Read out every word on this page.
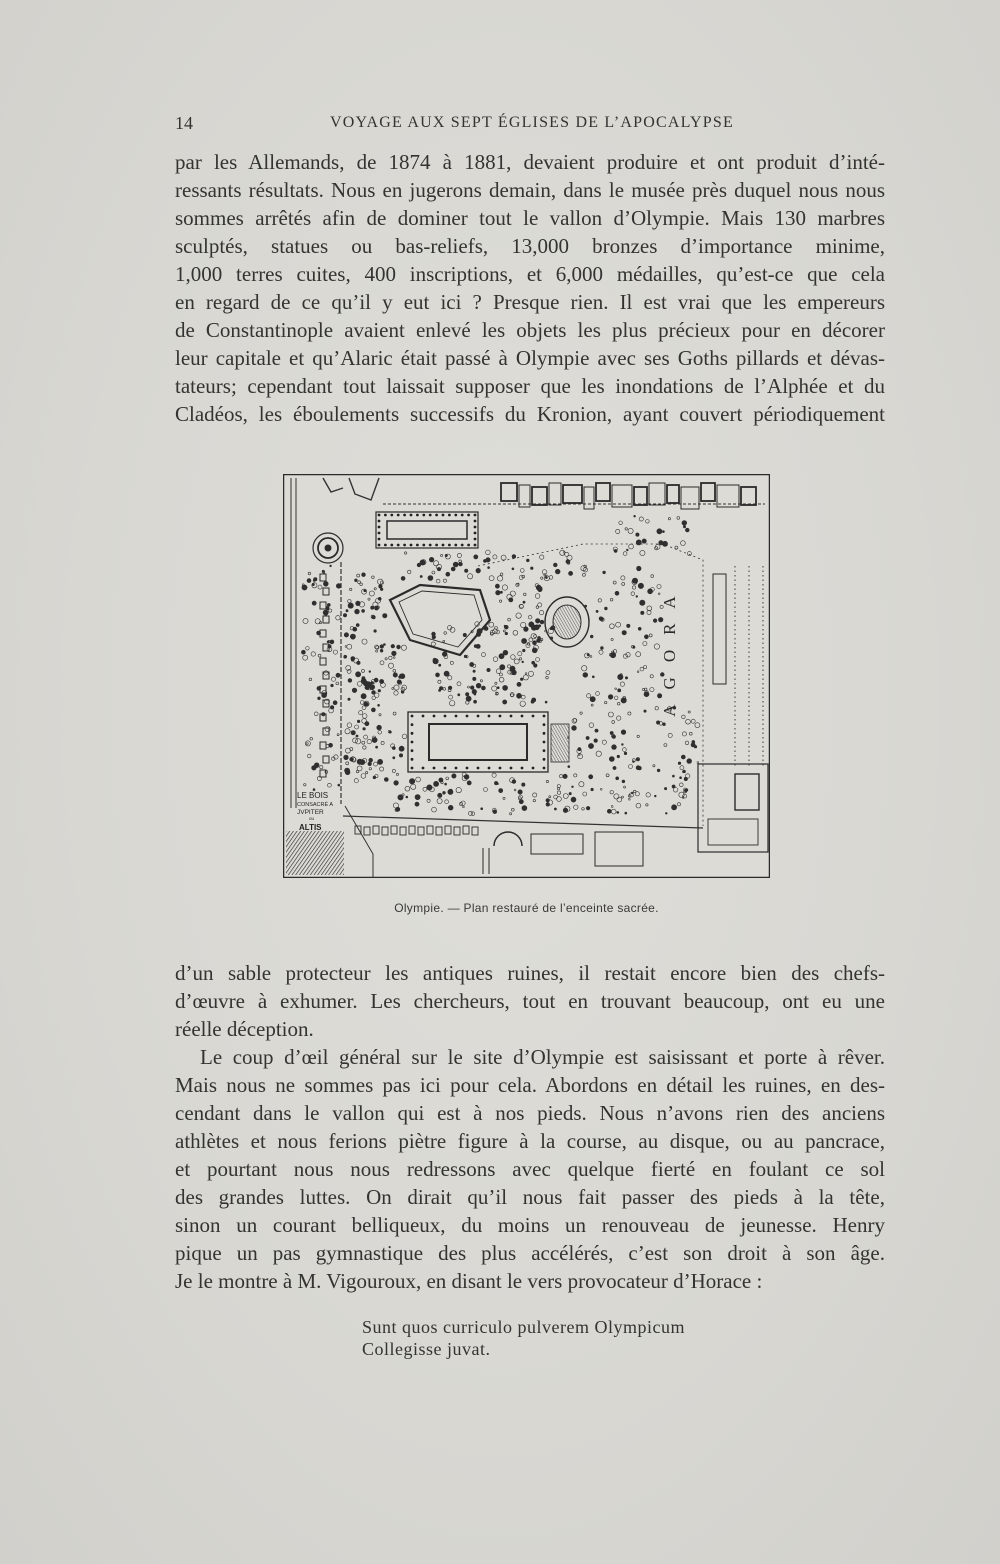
14	VOYAGE AUX SEPT ÉGLISES DE L’APOCALYPSE
par les Allemands, de 1874 à 1881, devaient produire et ont produit d’inté-
ressants résultats. Nous en jugerons demain, dans le musée près duquel nous nous
sommes arrêtés afin de dominer tout le vallon d’Olympie. Mais 130 marbres
sculptés, statues ou bas-reliefs, 13,000 bronzes d’importance minime,
1,000 terres cuites, 400 inscriptions, et 6,000 médailles, qu’est-ce que cela
en regard de ce qu’il y eut ici ? Presque rien. Il est vrai que les empereurs
de Constantinople avaient enlevé les objets les plus précieux pour en décorer
leur capitale et qu’Alaric était passé à Olympie avec ses Goths pillards et dévas-
tateurs; cependant tout laissait supposer que les inondations de l’Alphée et du
Cladéos, les éboulements successifs du Kronion, ayant couvert périodiquement
AGORA
LE BOIS
CONSACRÉ A
JVPITER
ou
ALTIS
Olympie. — Plan restauré de l’enceinte sacrée.
d’un sable protecteur les antiques ruines, il restait encore bien des chefs-
d’œuvre à exhumer. Les chercheurs, tout en trouvant beaucoup, ont eu une
réelle déception.
Le coup d’œil général sur le site d’Olympie est saisissant et porte à rêver.
Mais nous ne sommes pas ici pour cela. Abordons en détail les ruines, en des-
cendant dans le vallon qui est à nos pieds. Nous n’avons rien des anciens
athlètes et nous ferions piètre figure à la course, au disque, ou au pancrace,
et pourtant nous nous redressons avec quelque fierté en foulant ce sol
des grandes luttes. On dirait qu’il nous fait passer des pieds à la tête,
sinon un courant belliqueux, du moins un renouveau de jeunesse. Henry
pique un pas gymnastique des plus accélérés, c’est son droit à son âge.
Je le montre à M. Vigouroux, en disant le vers provocateur d’Horace :
Sunt quos curriculo pulverem Olympicum
Collegisse juvat.
